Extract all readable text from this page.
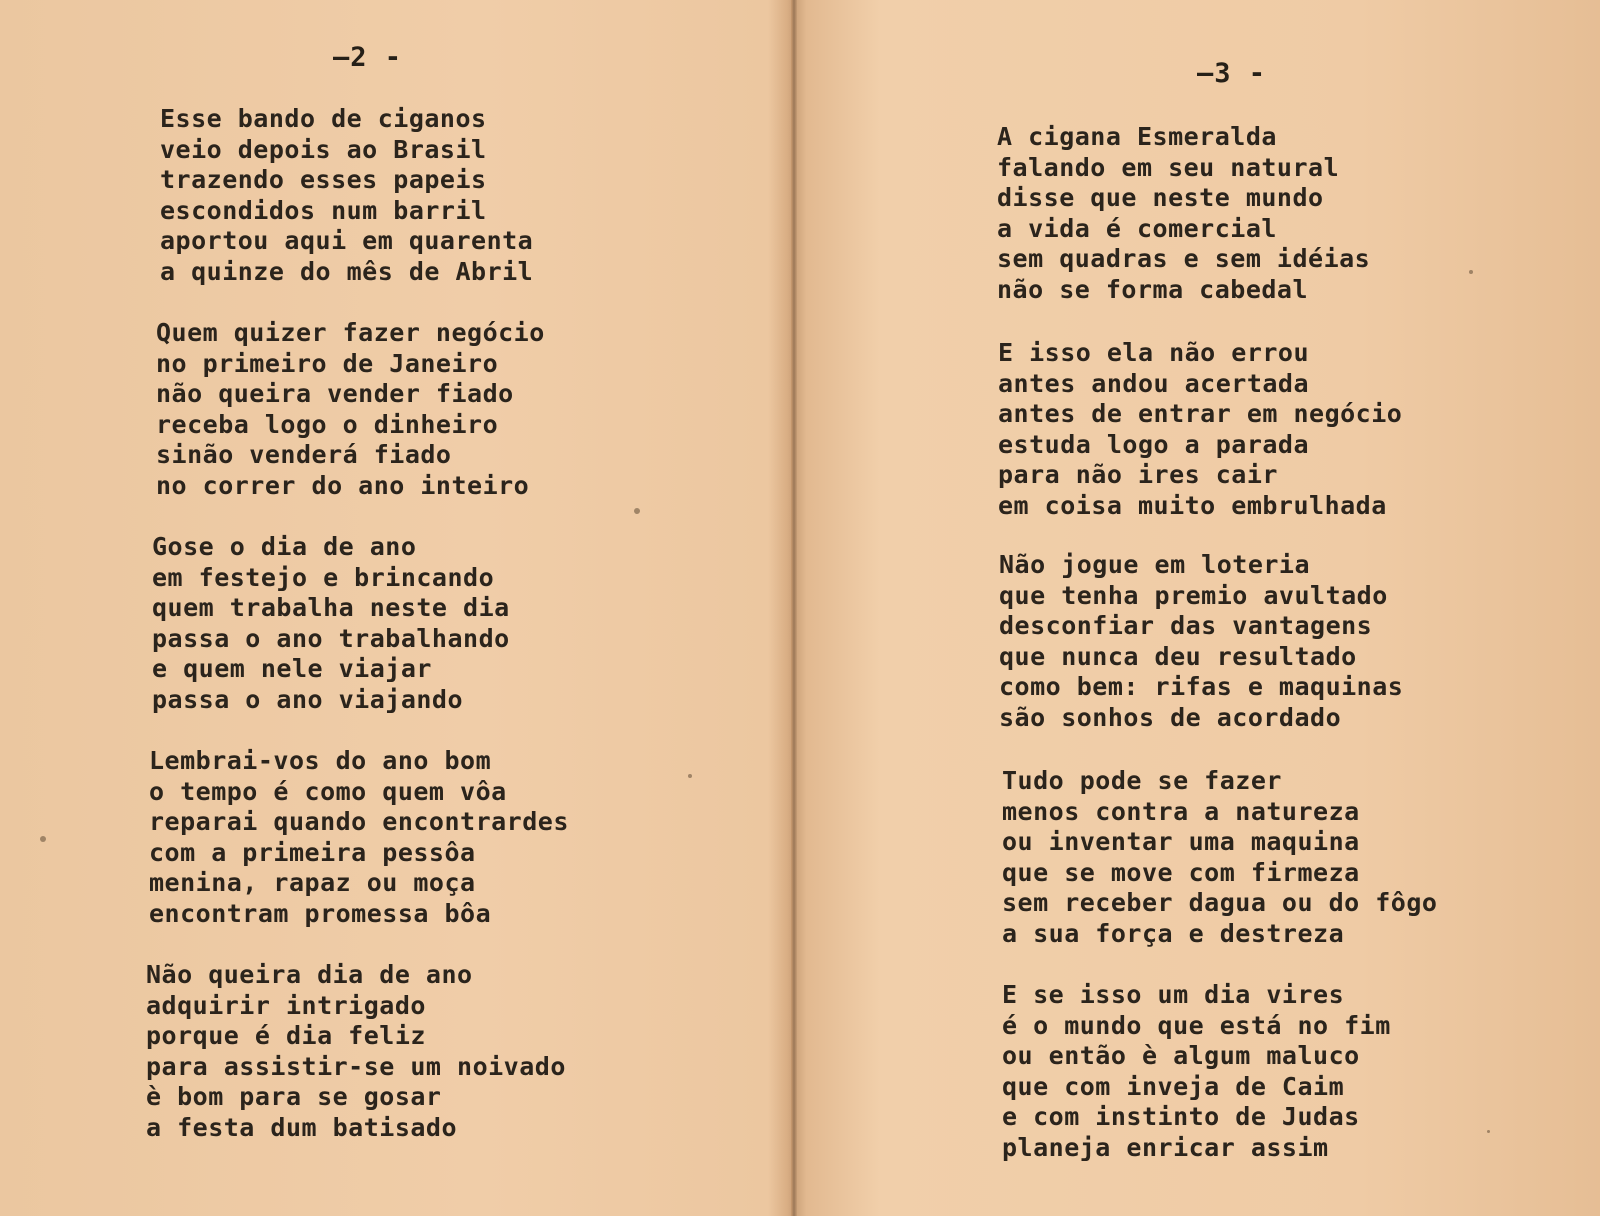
—2 -
Esse bando de ciganos
veio depois ao Brasil
trazendo esses papeis
escondidos num barril
aportou aqui em quarenta
a quinze do mês de Abril
Quem quizer fazer negócio
no primeiro de Janeiro
não queira vender fiado
receba logo o dinheiro
sinão venderá fiado
no correr do ano inteiro
Gose o dia de ano
em festejo e brincando
quem trabalha neste dia
passa o ano trabalhando
e quem nele viajar
passa o ano viajando
Lembrai-vos do ano bom
o tempo é como quem vôa
reparai quando encontrardes
com a primeira pessôa
menina, rapaz ou moça
encontram promessa bôa
Não queira dia de ano
adquirir intrigado
porque é dia feliz
para assistir-se um noivado
è bom para se gosar
a festa dum batisado
—3 -
A cigana Esmeralda
falando em seu natural
disse que neste mundo
a vida é comercial
sem quadras e sem idéias
não se forma cabedal
E isso ela não errou
antes andou acertada
antes de entrar em negócio
estuda logo a parada
para não ires cair
em coisa muito embrulhada
Não jogue em loteria
que tenha premio avultado
desconfiar das vantagens
que nunca deu resultado
como bem: rifas e maquinas
são sonhos de acordado
Tudo pode se fazer
menos contra a natureza
ou inventar uma maquina
que se move com firmeza
sem receber dagua ou do fôgo
a sua força e destreza
E se isso um dia vires
é o mundo que está no fim
ou então è algum maluco
que com inveja de Caim
e com instinto de Judas
planeja enricar assim
